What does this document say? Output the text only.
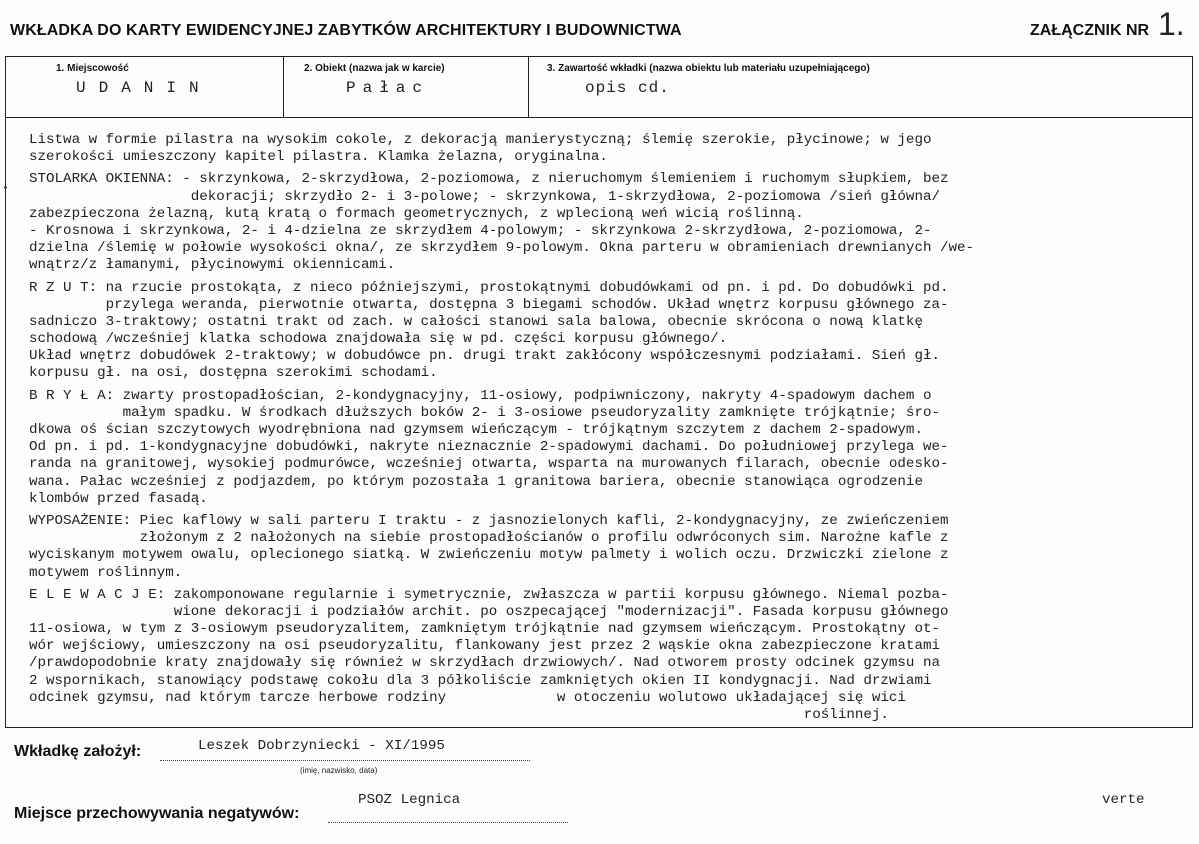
WKŁADKA DO KARTY EWIDENCYJNEJ ZABYTKÓW ARCHITEKTURY I BUDOWNICTWA	ZAŁĄCZNIK NR 1.
1. Miejscowość
UDANIN
2. Obiekt (nazwa jak w karcie)
Pałac
3. Zawartość wkładki (nazwa obiektu lub materiału uzupełniającego)
opis cd.
Listwa w formie pilastra na wysokim cokole, z dekoracją manierystyczną; ślemię szerokie, płycinowe; w jego
szerokości umieszczony kapitel pilastra. Klamka żelazna, oryginalna.
STOLARKA OKIENNA: - skrzynkowa, 2-skrzydłowa, 2-poziomowa, z nieruchomym ślemieniem i ruchomym słupkiem, bez
dekoracji; skrzydło 2- i 3-polowe; - skrzynkowa, 1-skrzydłowa, 2-poziomowa /sień główna/
zabezpieczona żelazną, kutą kratą o formach geometrycznych, z wplecioną weń wicią roślinną.
- Krosnowa i skrzynkowa, 2- i 4-dzielna ze skrzydłem 4-polowym; - skrzynkowa 2-skrzydłowa, 2-poziomowa, 2-
dzielna /ślemię w połowie wysokości okna/, ze skrzydłem 9-polowym. Okna parteru w obramieniach drewnianych /we-
wnątrz/z łamanymi, płycinowymi okiennicami.
R Z U T: na rzucie prostokąta, z nieco późniejszymi, prostokątnymi dobudówkami od pn. i pd. Do dobudówki pd.
przylega weranda, pierwotnie otwarta, dostępna 3 biegami schodów. Układ wnętrz korpusu głównego za-
sadniczo 3-traktowy; ostatni trakt od zach. w całości stanowi sala balowa, obecnie skrócona o nową klatkę
schodową /wcześniej klatka schodowa znajdowała się w pd. części korpusu głównego/.
Układ wnętrz dobudówek 2-traktowy; w dobudówce pn. drugi trakt zakłócony współczesnymi podziałami. Sień gł.
korpusu gł. na osi, dostępna szerokimi schodami.
B R Y Ł A: zwarty prostopadłościan, 2-kondygnacyjny, 11-osiowy, podpiwniczony, nakryty 4-spadowym dachem o
małym spadku. W środkach dłuższych boków 2- i 3-osiowe pseudoryzality zamknięte trójkątnie; śro-
dkowa oś ścian szczytowych wyodrębniona nad gzymsem wieńczącym - trójkątnym szczytem z dachem 2-spadowym.
Od pn. i pd. 1-kondygnacyjne dobudówki, nakryte nieznacznie 2-spadowymi dachami. Do południowej przylega we-
randa na granitowej, wysokiej podmurówce, wcześniej otwarta, wsparta na murowanych filarach, obecnie odesko-
wana. Pałac wcześniej z podjazdem, po którym pozostała 1 granitowa bariera, obecnie stanowiąca ogrodzenie
klombów przed fasadą.
WYPOSAŻENIE: Piec kaflowy w sali parteru I traktu - z jasnozielonych kafli, 2-kondygnacyjny, ze zwieńczeniem
złożonym z 2 nałożonych na siebie prostopadłościanów o profilu odwróconych sim. Narożne kafle z
wyciskanym motywem owalu, oplecionego siatką. W zwieńczeniu motyw palmety i wolich oczu. Drzwiczki zielone z
motywem roślinnym.
E L E W A C J E: zakomponowane regularnie i symetrycznie, zwłaszcza w partii korpusu głównego. Niemal pozba-
wione dekoracji i podziałów archit. po oszpecającej "modernizacji". Fasada korpusu głównego
11-osiowa, w tym z 3-osiowym pseudoryzalitem, zamkniętym trójkątnie nad gzymsem wieńczącym. Prostokątny ot-
wór wejściowy, umieszczony na osi pseudoryzalitu, flankowany jest przez 2 wąskie okna zabezpieczone kratami
/prawdopodobnie kraty znajdowały się również w skrzydłach drzwiowych/. Nad otworem prosty odcinek gzymsu na
2 wspornikach, stanowiący podstawę cokołu dla 3 półkoliście zamkniętych okien II kondygnacji. Nad drzwiami
odcinek gzymsu, nad którym tarcze herbowe rodziny             w otoczeniu wolutowo układającej się wici
roślinnej.
Wkładkę założył:	Leszek Dobrzyniecki - XI/1995
(imię, nazwisko, data)
Miejsce przechowywania negatywów:
PSOZ Legnica	verte
